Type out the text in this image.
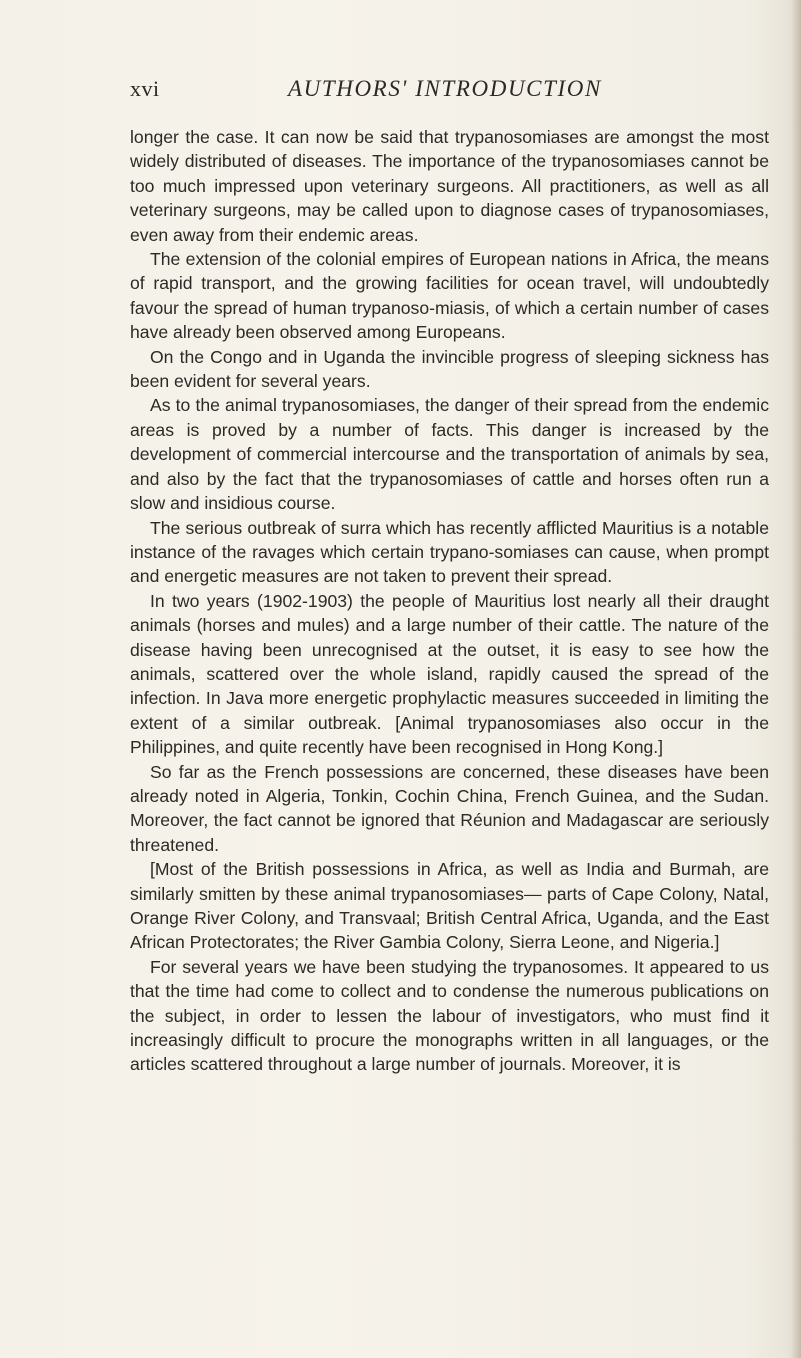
xvi	AUTHORS' INTRODUCTION

longer the case. It can now be said that trypanosomiases are amongst the most widely distributed of diseases. The importance of the trypanosomiases cannot be too much impressed upon veterinary surgeons. All practitioners, as well as all veterinary surgeons, may be called upon to diagnose cases of trypanosomiases, even away from their endemic areas.

The extension of the colonial empires of European nations in Africa, the means of rapid transport, and the growing facilities for ocean travel, will undoubtedly favour the spread of human trypanoso-miasis, of which a certain number of cases have already been observed among Europeans.

On the Congo and in Uganda the invincible progress of sleeping sickness has been evident for several years.

As to the animal trypanosomiases, the danger of their spread from the endemic areas is proved by a number of facts. This danger is increased by the development of commercial intercourse and the transportation of animals by sea, and also by the fact that the trypanosomiases of cattle and horses often run a slow and insidious course.

The serious outbreak of surra which has recently afflicted Mauritius is a notable instance of the ravages which certain trypano-somiases can cause, when prompt and energetic measures are not taken to prevent their spread.

In two years (1902-1903) the people of Mauritius lost nearly all their draught animals (horses and mules) and a large number of their cattle. The nature of the disease having been unrecognised at the outset, it is easy to see how the animals, scattered over the whole island, rapidly caused the spread of the infection. In Java more energetic prophylactic measures succeeded in limiting the extent of a similar outbreak. [Animal trypanosomiases also occur in the Philippines, and quite recently have been recognised in Hong Kong.]

So far as the French possessions are concerned, these diseases have been already noted in Algeria, Tonkin, Cochin China, French Guinea, and the Sudan. Moreover, the fact cannot be ignored that Réunion and Madagascar are seriously threatened.

[Most of the British possessions in Africa, as well as India and Burmah, are similarly smitten by these animal trypanosomiases— parts of Cape Colony, Natal, Orange River Colony, and Transvaal; British Central Africa, Uganda, and the East African Protectorates; the River Gambia Colony, Sierra Leone, and Nigeria.]

For several years we have been studying the trypanosomes. It appeared to us that the time had come to collect and to condense the numerous publications on the subject, in order to lessen the labour of investigators, who must find it increasingly difficult to procure the monographs written in all languages, or the articles scattered throughout a large number of journals. Moreover, it is
